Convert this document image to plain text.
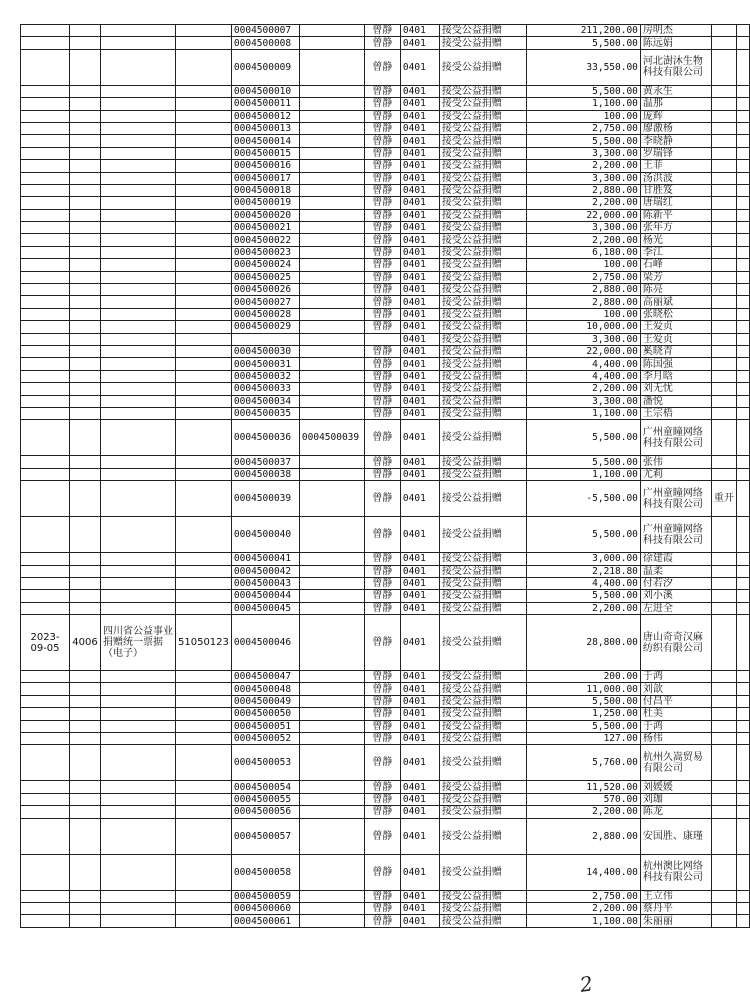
				0004500007		曾静	0401	接受公益捐赠	211,200.00	房明杰		
				0004500008		曾静	0401	接受公益捐赠	5,500.00	陈远娟		
				0004500009		曾静	0401	接受公益捐赠	33,550.00	河北澍沐生物科技有限公司		
				0004500010		曾静	0401	接受公益捐赠	5,500.00	黄永生		
				0004500011		曾静	0401	接受公益捐赠	1,100.00	温那		
				0004500012		曾静	0401	接受公益捐赠	100.00	庞辉		
				0004500013		曾静	0401	接受公益捐赠	2,750.00	廖激杨		
				0004500014		曾静	0401	接受公益捐赠	5,500.00	李晓静		
				0004500015		曾静	0401	接受公益捐赠	3,300.00	罗瑞锋		
				0004500016		曾静	0401	接受公益捐赠	2,200.00	王菲		
				0004500017		曾静	0401	接受公益捐赠	3,300.00	汤洪波		
				0004500018		曾静	0401	接受公益捐赠	2,880.00	甘胜笈		
				0004500019		曾静	0401	接受公益捐赠	2,200.00	唐瑞红		
				0004500020		曾静	0401	接受公益捐赠	22,000.00	陈新平		
				0004500021		曾静	0401	接受公益捐赠	3,300.00	张年方		
				0004500022		曾静	0401	接受公益捐赠	2,200.00	杨光		
				0004500023		曾静	0401	接受公益捐赠	6,180.00	李江		
				0004500024		曾静	0401	接受公益捐赠	100.00	石峰		
				0004500025		曾静	0401	接受公益捐赠	2,750.00	梁芳		
				0004500026		曾静	0401	接受公益捐赠	2,880.00	陈亮		
				0004500027		曾静	0401	接受公益捐赠	2,880.00	高丽斌		
				0004500028		曾静	0401	接受公益捐赠	100.00	张晓松		
				0004500029		曾静	0401	接受公益捐赠	10,000.00	王爱贞		
							0401	接受公益捐赠	3,300.00	王爱贞		
				0004500030		曾静	0401	接受公益捐赠	22,000.00	奚晓青		
				0004500031		曾静	0401	接受公益捐赠	4,400.00	陈国强		
				0004500032		曾静	0401	接受公益捐赠	4,400.00	李月晗		
				0004500033		曾静	0401	接受公益捐赠	2,200.00	刘无忧		
				0004500034		曾静	0401	接受公益捐赠	3,300.00	潘悦		
				0004500035		曾静	0401	接受公益捐赠	1,100.00	王宗梧		
				0004500036	0004500039	曾静	0401	接受公益捐赠	5,500.00	广州童瞳网络科技有限公司		
				0004500037		曾静	0401	接受公益捐赠	5,500.00	张伟		
				0004500038		曾静	0401	接受公益捐赠	1,100.00	尤莉		
				0004500039		曾静	0401	接受公益捐赠	-5,500.00	广州童瞳网络科技有限公司	重开	
				0004500040		曾静	0401	接受公益捐赠	5,500.00	广州童瞳网络科技有限公司		
				0004500041		曾静	0401	接受公益捐赠	3,000.00	徐建霞		
				0004500042		曾静	0401	接受公益捐赠	2,218.80	温柔		
				0004500043		曾静	0401	接受公益捐赠	4,400.00	付若汐		
				0004500044		曾静	0401	接受公益捐赠	5,500.00	刘小溪		
				0004500045		曾静	0401	接受公益捐赠	2,200.00	左进全		
2023-09-05	4006	四川省公益事业捐赠统一票据（电子）	51050123	0004500046		曾静	0401	接受公益捐赠	28,800.00	唐山奇奇汉麻纺织有限公司		
				0004500047		曾静	0401	接受公益捐赠	200.00	于鸿		
				0004500048		曾静	0401	接受公益捐赠	11,000.00	刘歆		
				0004500049		曾静	0401	接受公益捐赠	5,500.00	付昌平		
				0004500050		曾静	0401	接受公益捐赠	1,250.00	杜美		
				0004500051		曾静	0401	接受公益捐赠	5,500.00	于鸿		
				0004500052		曾静	0401	接受公益捐赠	127.00	杨伟		
				0004500053		曾静	0401	接受公益捐赠	5,760.00	杭州久嵩贸易有限公司		
				0004500054		曾静	0401	接受公益捐赠	11,520.00	刘媛媛		
				0004500055		曾静	0401	接受公益捐赠	570.00	刘珈		
				0004500056		曾静	0401	接受公益捐赠	2,200.00	陈龙		
				0004500057		曾静	0401	接受公益捐赠	2,880.00	安国胜、康瑾		
				0004500058		曾静	0401	接受公益捐赠	14,400.00	杭州澳比网络科技有限公司		
				0004500059		曾静	0401	接受公益捐赠	2,750.00	王立伟		
				0004500060		曾静	0401	接受公益捐赠	2,200.00	蔡丹平		
				0004500061		曾静	0401	接受公益捐赠	1,100.00	朱丽丽		
2
